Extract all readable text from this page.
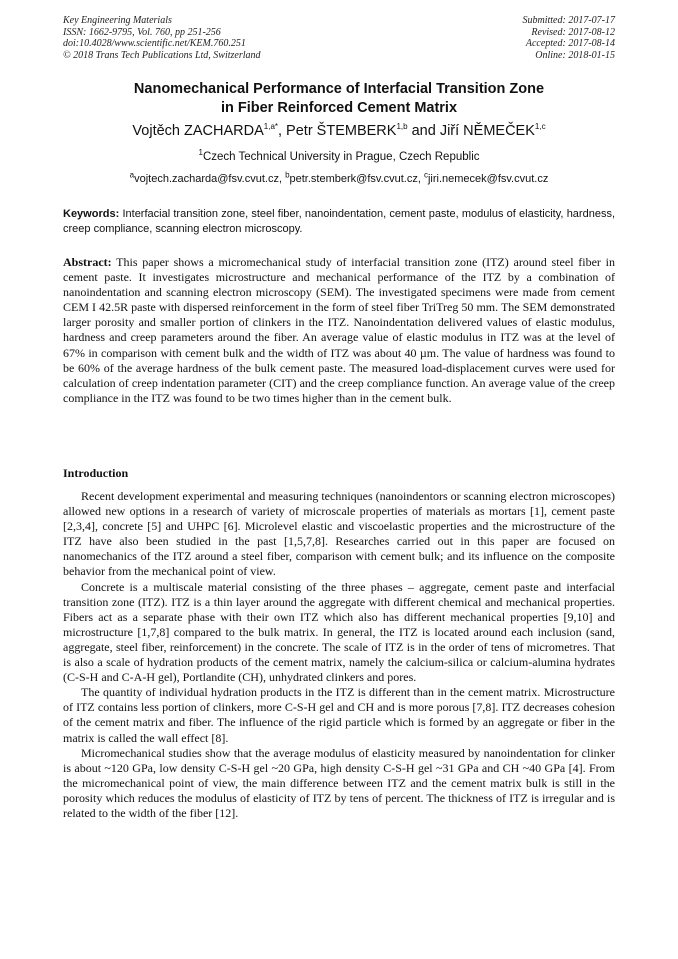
Key Engineering Materials
ISSN: 1662-9795, Vol. 760, pp 251-256
doi:10.4028/www.scientific.net/KEM.760.251
© 2018 Trans Tech Publications Ltd, Switzerland
Submitted: 2017-07-17
Revised: 2017-08-12
Accepted: 2017-08-14
Online: 2018-01-15
Nanomechanical Performance of Interfacial Transition Zone
in Fiber Reinforced Cement Matrix
Vojtěch $ZACHARDA^{1,a*}$, Petr ŠTEMBERK$^{1,b}$ and Jiří NĚMEČEK$^{1,c}$
$^1$Czech Technical University in Prague, Czech Republic
$^a$vojtech.zacharda@fsv.cvut.cz, $^b$petr.stemberk@fsv.cvut.cz, $^c$jiri.nemecek@fsv.cvut.cz
Keywords: Interfacial transition zone, steel fiber, nanoindentation, cement paste, modulus of elasticity, hardness, creep compliance, scanning electron microscopy.
Abstract: This paper shows a micromechanical study of interfacial transition zone (ITZ) around steel fiber in cement paste. It investigates microstructure and mechanical performance of the ITZ by a combination of nanoindentation and scanning electron microscopy (SEM). The investigated specimens were made from cement CEM I 42.5R paste with dispersed reinforcement in the form of steel fiber TriTreg 50 mm. The SEM demonstrated larger porosity and smaller portion of clinkers in the ITZ. Nanoindentation delivered values of elastic modulus, hardness and creep parameters around the fiber. An average value of elastic modulus in ITZ was at the level of 67% in comparison with cement bulk and the width of ITZ was about 40 µm. The value of hardness was found to be 60% of the average hardness of the bulk cement paste. The measured load-displacement curves were used for calculation of creep indentation parameter (CIT) and the creep compliance function. An average value of the creep compliance in the ITZ was found to be two times higher than in the cement bulk.
Introduction

Recent development experimental and measuring techniques (nanoindentors or scanning electron microscopes) allowed new options in a research of variety of microscale properties of materials as mortars [1], cement paste [2,3,4], concrete [5] and UHPC [6]. Microlevel elastic and viscoelastic properties and the microstructure of the ITZ have also been studied in the past [1,5,7,8]. Researches carried out in this paper are focused on nanomechanics of the ITZ around a steel fiber, comparison with cement bulk; and its influence on the composite behavior from the mechanical point of view.

Concrete is a multiscale material consisting of the three phases – aggregate, cement paste and interfacial transition zone (ITZ). ITZ is a thin layer around the aggregate with different chemical and mechanical properties. Fibers act as a separate phase with their own ITZ which also has different mechanical properties [9,10] and microstructure [1,7,8] compared to the bulk matrix. In general, the ITZ is located around each inclusion (sand, aggregate, steel fiber, reinforcement) in the concrete. The scale of ITZ is in the order of tens of micrometres. That is also a scale of hydration products of the cement matrix, namely the calcium-silica or calcium-alumina hydrates (C-S-H and C-A-H gel), Portlandite (CH), unhydrated clinkers and pores.

The quantity of individual hydration products in the ITZ is different than in the cement matrix. Microstructure of ITZ contains less portion of clinkers, more C-S-H gel and CH and is more porous [7,8]. ITZ decreases cohesion of the cement matrix and fiber. The influence of the rigid particle which is formed by an aggregate or fiber in the matrix is called the wall effect [8].

Micromechanical studies show that the average modulus of elasticity measured by nanoindentation for clinker is about ~120 GPa, low density C-S-H gel ~20 GPa, high density C-S-H gel ~31 GPa and CH ~40 GPa [4]. From the micromechanical point of view, the main difference between ITZ and the cement matrix bulk is still in the porosity which reduces the modulus of elasticity of ITZ by tens of percent. The thickness of ITZ is irregular and is related to the width of the fiber [12].
